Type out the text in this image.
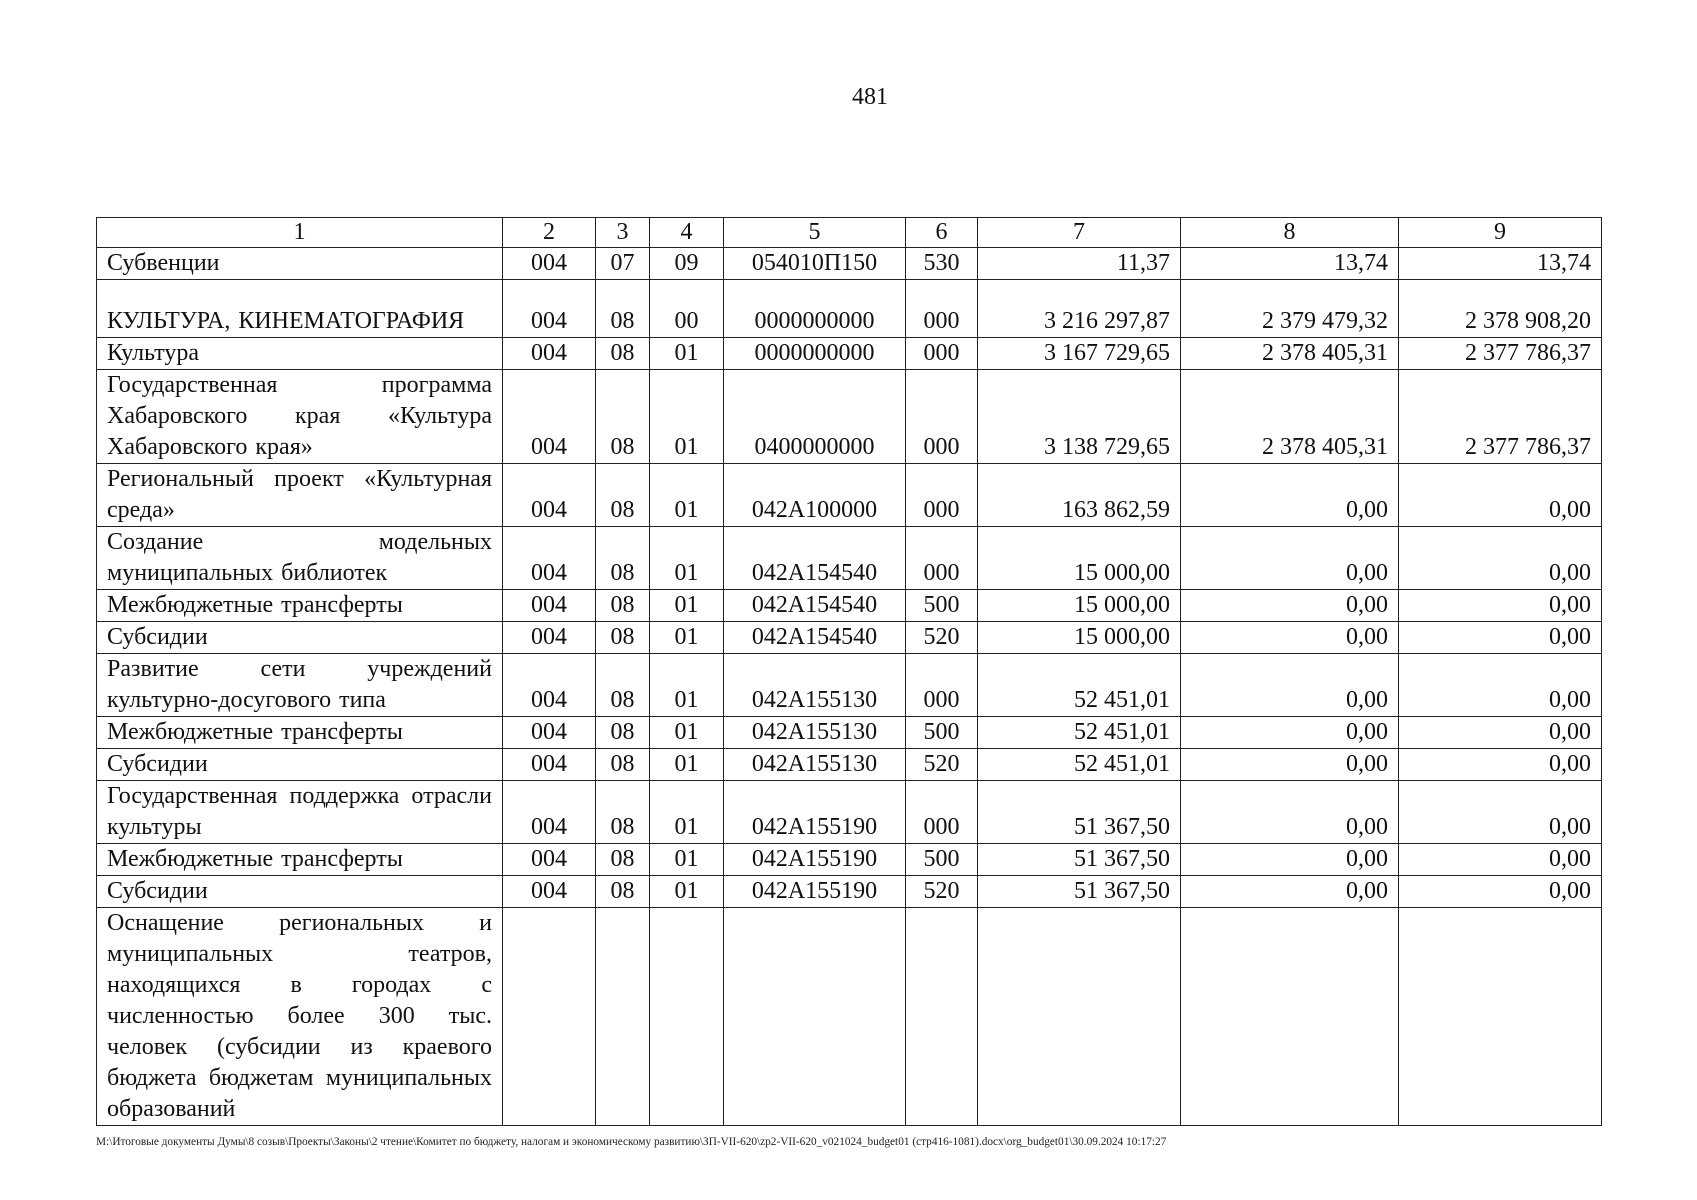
481
1	2	3	4	5	6	7	8	9
Субвенции	004	07	09	054010П150	530	11,37	13,74	13,74
КУЛЬТУРА, КИНЕМАТОГРАФИЯ	004	08	00	0000000000	000	3 216 297,87	2 379 479,32	2 378 908,20
Культура	004	08	01	0000000000	000	3 167 729,65	2 378 405,31	2 377 786,37
Государственная программа Хабаровского края «Культура Хабаровского края»	004	08	01	0400000000	000	3 138 729,65	2 378 405,31	2 377 786,37
Региональный проект «Культурная среда»	004	08	01	042А100000	000	163 862,59	0,00	0,00
Создание модельных муниципальных библиотек	004	08	01	042А154540	000	15 000,00	0,00	0,00
Межбюджетные трансферты	004	08	01	042А154540	500	15 000,00	0,00	0,00
Субсидии	004	08	01	042А154540	520	15 000,00	0,00	0,00
Развитие сети учреждений культурно-досугового типа	004	08	01	042А155130	000	52 451,01	0,00	0,00
Межбюджетные трансферты	004	08	01	042А155130	500	52 451,01	0,00	0,00
Субсидии	004	08	01	042А155130	520	52 451,01	0,00	0,00
Государственная поддержка отрасли культуры	004	08	01	042А155190	000	51 367,50	0,00	0,00
Межбюджетные трансферты	004	08	01	042А155190	500	51 367,50	0,00	0,00
Субсидии	004	08	01	042А155190	520	51 367,50	0,00	0,00
Оснащение региональных и муниципальных театров, находящихся в городах с численностью более 300 тыс. человек (субсидии из краевого бюджета бюджетам муниципальных образований								
M:\Итоговые документы Думы\8 созыв\Проекты\Законы\2 чтение\Комитет по бюджету, налогам и экономическому развитию\ЗП-VII-620\zp2-VII-620_v021024_budget01 (стр416-1081).docx\org_budget01\30.09.2024 10:17:27
